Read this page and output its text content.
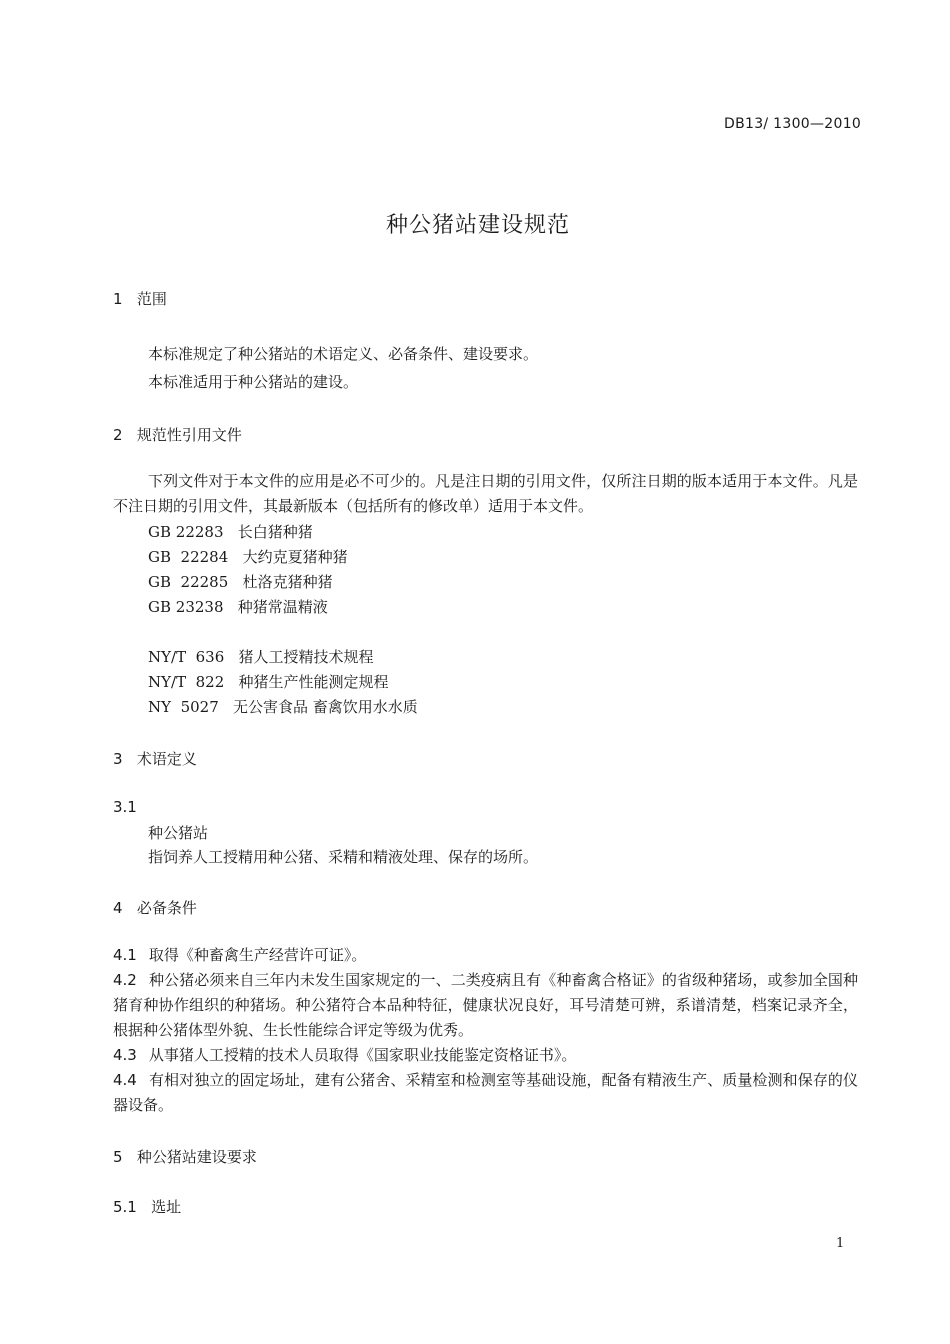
DB13/ 1300—2010
种公猪站建设规范
1   范围
本标准规定了种公猪站的术语定义、必备条件、建设要求。
本标准适用于种公猪站的建设。
2   规范性引用文件
下列文件对于本文件的应用是必不可少的。凡是注日期的引用文件，仅所注日期的版本适用于本文件。凡是不注日期的引用文件，其最新版本（包括所有的修改单）适用于本文件。
GB 22283   长白猪种猪
GB  22284   大约克夏猪种猪
GB  22285   杜洛克猪种猪
GB 23238   种猪常温精液
NY/T  636   猪人工授精技术规程
NY/T  822   种猪生产性能测定规程
NY  5027   无公害食品 畜禽饮用水水质
3   术语定义
3.1
种公猪站
指饲养人工授精用种公猪、采精和精液处理、保存的场所。
4   必备条件
4.1 取得《种畜禽生产经营许可证》。
4.2 种公猪必须来自三年内未发生国家规定的一、二类疫病且有《种畜禽合格证》的省级种猪场，或参加全国种猪育种协作组织的种猪场。种公猪符合本品种特征，健康状况良好，耳号清楚可辨，系谱清楚，档案记录齐全，根据种公猪体型外貌、生长性能综合评定等级为优秀。
4.3 从事猪人工授精的技术人员取得《国家职业技能鉴定资格证书》。
4.4 有相对独立的固定场址，建有公猪舍、采精室和检测室等基础设施，配备有精液生产、质量检测和保存的仪器设备。
5   种公猪站建设要求
5.1   选址
1
